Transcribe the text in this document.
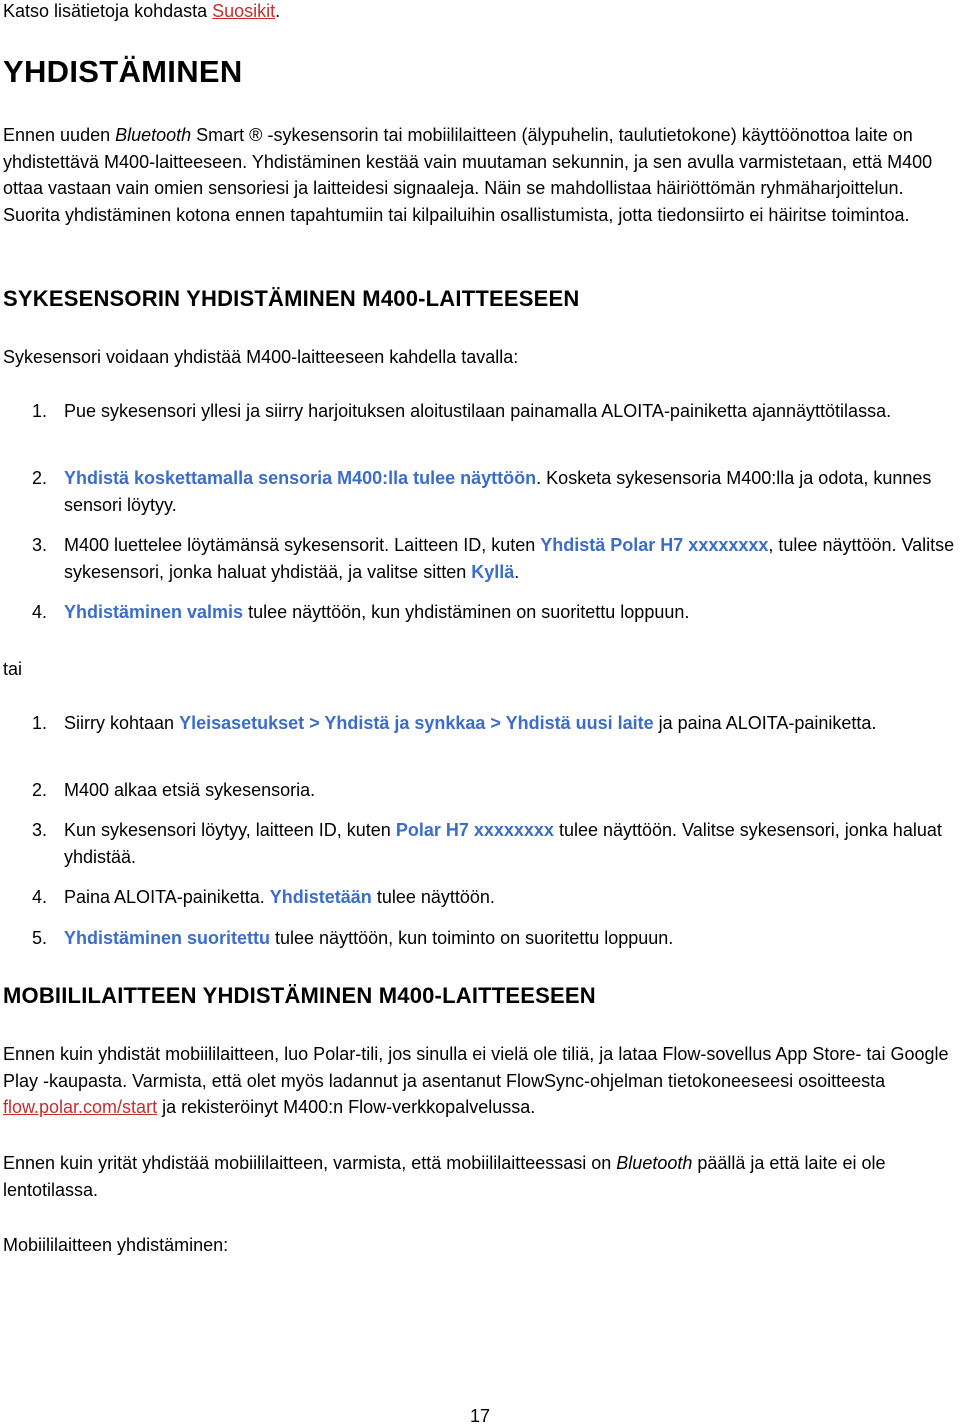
Katso lisätietoja kohdasta Suosikit.

YHDISTÄMINEN

Ennen uuden Bluetooth Smart ® -sykesensorin tai mobiililaitteen (älypuhelin, taulutietokone) käyttöönottoa laite on yhdistettävä M400-laitteeseen. Yhdistäminen kestää vain muutaman sekunnin, ja sen avulla varmistetaan, että M400 ottaa vastaan vain omien sensoriesi ja laitteidesi signaaleja. Näin se mahdollistaa häiriöttömän ryhmäharjoittelun. Suorita yhdistäminen kotona ennen tapahtumiin tai kilpailuihin osallistumista, jotta tiedonsiirto ei häiritse toimintoa.

SYKESENSORIN YHDISTÄMINEN M400-LAITTEESEEN

Sykesensori voidaan yhdistää M400-laitteeseen kahdella tavalla:

1. Pue sykesensori yllesi ja siirry harjoituksen aloitustilaan painamalla ALOITA-painiketta ajannäyttötilassa.
2. Yhdistä koskettamalla sensoria M400:lla tulee näyttöön. Kosketa sykesensoria M400:lla ja odota, kunnes sensori löytyy.
3. M400 luettelee löytämänsä sykesensorit. Laitteen ID, kuten Yhdistä Polar H7 xxxxxxxx, tulee näyttöön. Valitse sykesensori, jonka haluat yhdistää, ja valitse sitten Kyllä.
4. Yhdistäminen valmis tulee näyttöön, kun yhdistäminen on suoritettu loppuun.

tai

1. Siirry kohtaan Yleisasetukset > Yhdistä ja synkkaa > Yhdistä uusi laite ja paina ALOITA-painiketta.
2. M400 alkaa etsiä sykesensoria.
3. Kun sykesensori löytyy, laitteen ID, kuten Polar H7 xxxxxxxx tulee näyttöön. Valitse sykesensori, jonka haluat yhdistää.
4. Paina ALOITA-painiketta. Yhdistetään tulee näyttöön.
5. Yhdistäminen suoritettu tulee näyttöön, kun toiminto on suoritettu loppuun.
MOBIILILAITTEEN YHDISTÄMINEN M400-LAITTEESEEN

Ennen kuin yhdistät mobiililaitteen, luo Polar-tili, jos sinulla ei vielä ole tiliä, ja lataa Flow-sovellus App Store- tai Google Play -kaupasta. Varmista, että olet myös ladannut ja asentanut FlowSync-ohjelman tietokoneeseesi osoitteesta flow.polar.com/start ja rekisteröinyt M400:n Flow-verkkopalvelussa.

Ennen kuin yrität yhdistää mobiililaitteen, varmista, että mobiililaitteessasi on Bluetooth päällä ja että laite ei ole lentotilassa.

Mobiililaitteen yhdistäminen:

17
